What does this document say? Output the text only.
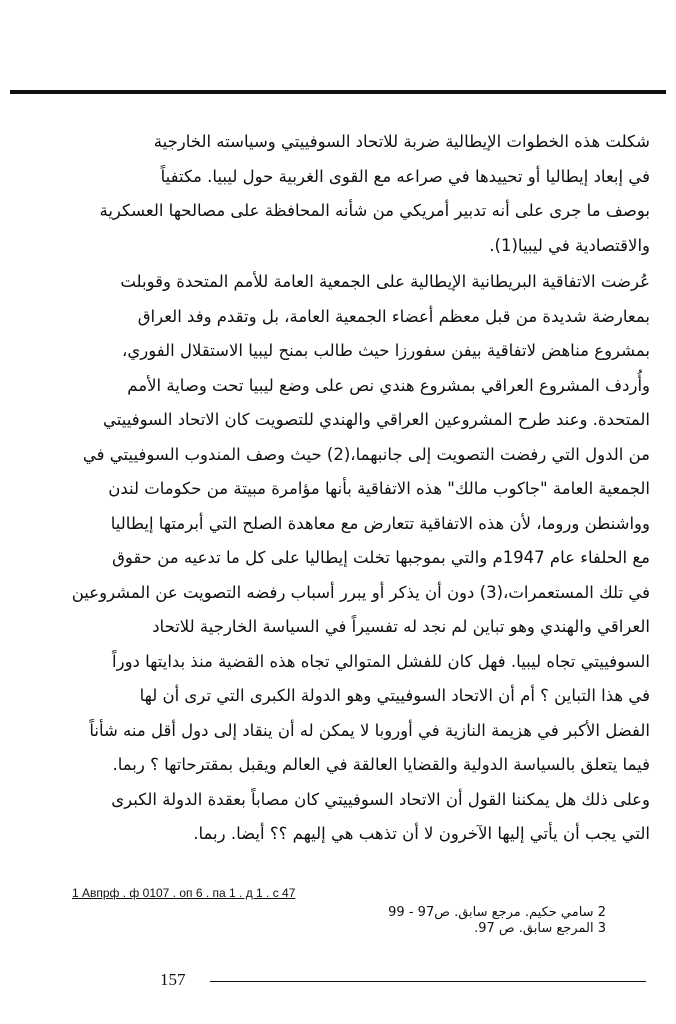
شكلت هذه الخطوات الإيطالية ضربة للاتحاد السوفييتي وسياسته الخارجية
في إبعاد إيطاليا أو تحييدها في صراعه مع القوى الغربية حول ليبيا. مكتفياً
بوصف ما جرى على أنه تدبير أمريكي من شأنه المحافظة على مصالحها العسكرية
والاقتصادية في ليبيا(1).
عُرضت الاتفاقية البريطانية الإيطالية على الجمعية العامة للأمم المتحدة وقوبلت
بمعارضة شديدة من قبل معظم أعضاء الجمعية العامة، بل وتقدم وفد العراق
بمشروع مناهض لاتفاقية بيفن سفورزا حيث طالب بمنح ليبيا الاستقلال الفوري،
وأُردف المشروع العراقي بمشروع هندي نص على وضع ليبيا تحت وصاية الأمم
المتحدة. وعند طرح المشروعين العراقي والهندي للتصويت كان الاتحاد السوفييتي
من الدول التي رفضت التصويت إلى جانبهما،(2) حيث وصف المندوب السوفييتي في
الجمعية العامة "جاكوب مالك" هذه الاتفاقية بأنها مؤامرة مبيتة من حكومات لندن
وواشنطن وروما، لأن هذه الاتفاقية تتعارض مع معاهدة الصلح التي أبرمتها إيطاليا
مع الحلفاء عام 1947م والتي بموجبها تخلت إيطاليا على كل ما تدعيه من حقوق
في تلك المستعمرات،(3) دون أن يذكر أو يبرر أسباب رفضه التصويت عن المشروعين
العراقي والهندي وهو تباين لم نجد له تفسيراً في السياسة الخارجية للاتحاد
السوفييتي تجاه ليبيا. فهل كان للفشل المتوالي تجاه هذه القضية منذ بدايتها دوراً
في هذا التباين ؟ أم أن الاتحاد السوفييتي وهو الدولة الكبرى التي ترى أن لها
الفضل الأكبر في هزيمة النازية في أوروبا لا يمكن له أن ينقاد إلى دول أقل منه شأناً
فيما يتعلق بالسياسة الدولية والقضايا العالقة في العالم ويقبل بمقترحاتها ؟ ربما.
وعلى ذلك هل يمكننا القول أن الاتحاد السوفييتي كان مصاباً بعقدة الدولة الكبرى
التي يجب أن يأتي إليها الآخرون لا أن تذهب هي إليهم ؟؟ أيضا. ربما.
1 Авпрф . ф 0107 . оп 6 . па 1 . д 1 . с 47
2 سامي حكيم. مرجع سابق. ص97 - 99
3 المرجع سابق. ص 97.
157
